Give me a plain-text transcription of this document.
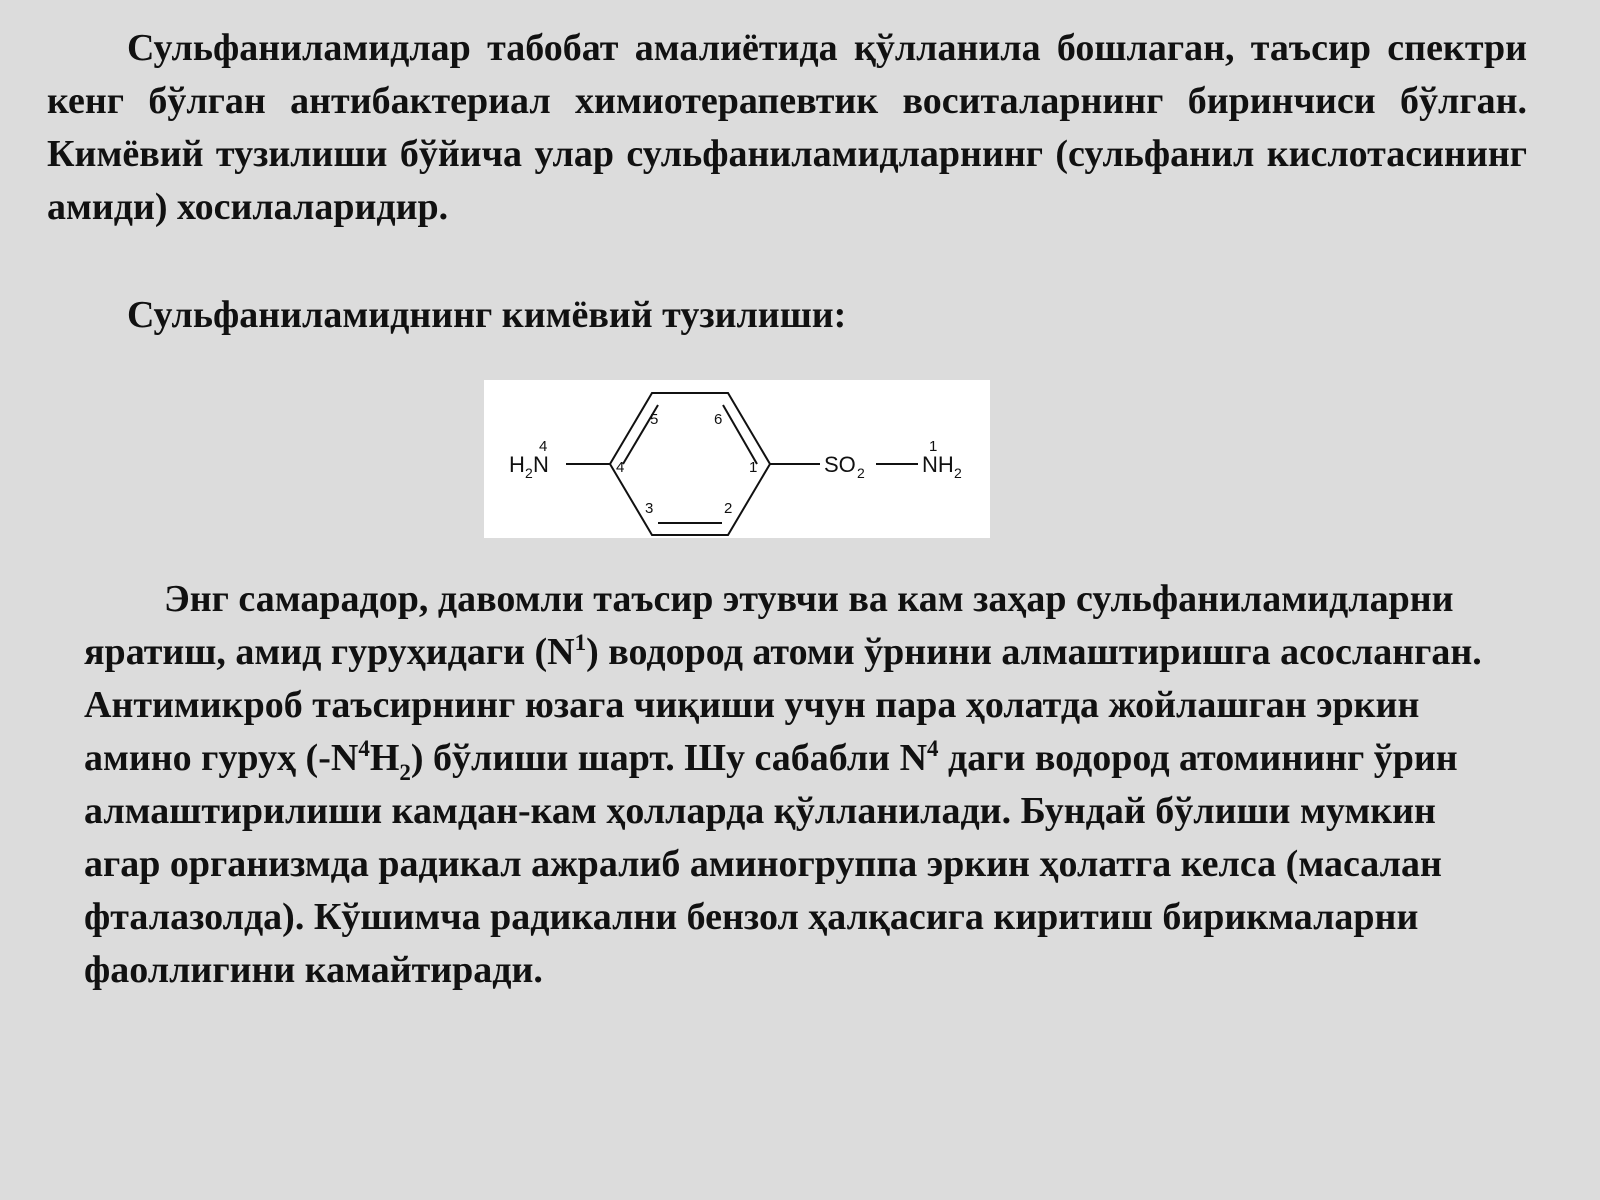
Сульфаниламидлар табобат амалиётида қўлланила бошлаган, таъсир спектри кенг бўлган антибактериал химиотерапевтик воситаларнинг биринчиси бўлган. Кимёвий тузилиши бўйича улар сульфаниламидларнинг (сульфанил кислотасининг амиди) хосилаларидир.

Сульфаниламиднинг кимёвий тузилиши:

H 2 N
4
4
5	6
1
3	2
SO 2	NH 2
1

Энг самарадор, давомли таъсир этувчи ва кам заҳар сульфаниламидларни яратиш, амид гуруҳидаги $(N^1)$ водород атоми ўрнини алмаштиришга асосланган. Антимикроб таъсирнинг юзага чиқиши учун пара ҳолатда жойлашган эркин амино гуруҳ $(-N^4H_2)$ бўлиши шарт. Шу сабабли $N^4$ даги водород атомининг ўрин алмаштирилиши камдан-кам ҳолларда қўлланилади. Бундай бўлиши мумкин агар организмда радикал ажралиб аминогруппа эркин ҳолатга келса (масалан фталазолда). Кўшимча радикални бензол ҳалқасига киритиш бирикмаларни фаоллигини камайтиради.
